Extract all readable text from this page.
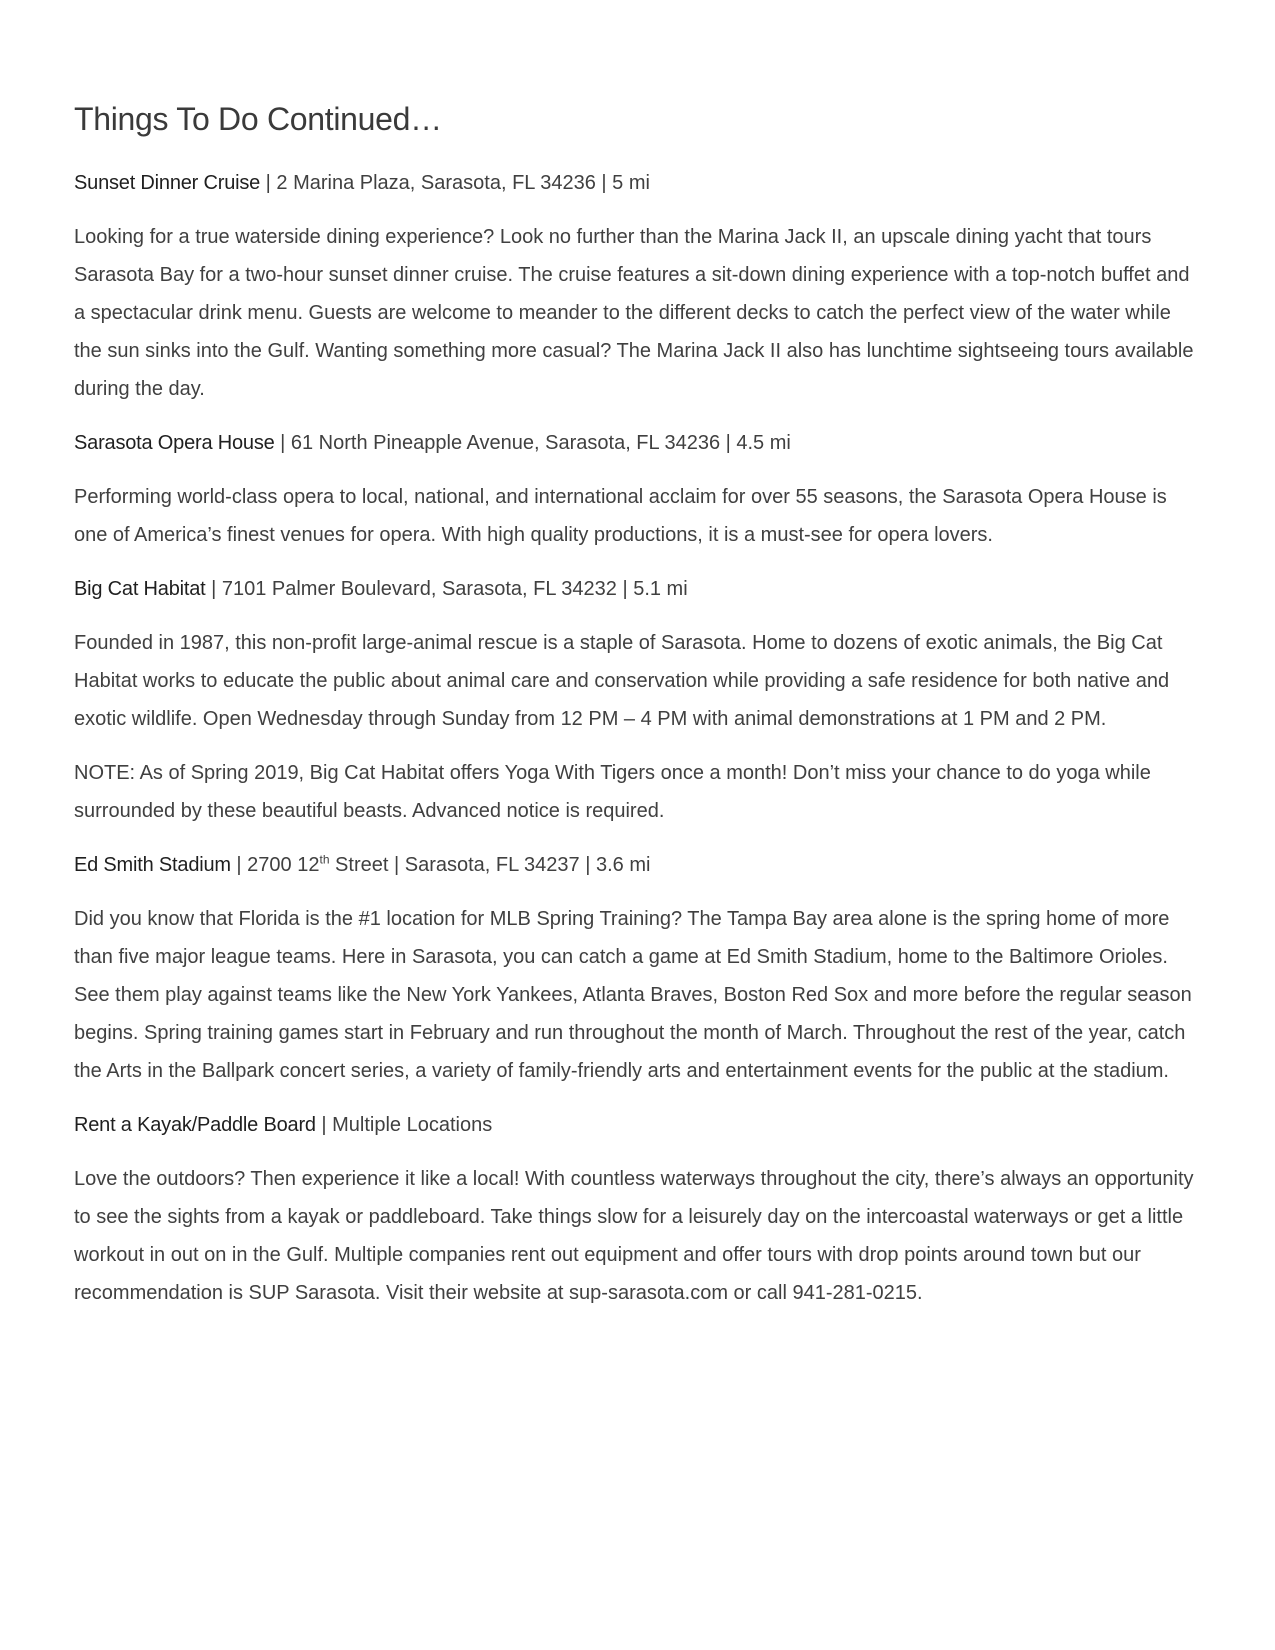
Things To Do Continued…

Sunset Dinner Cruise | 2 Marina Plaza, Sarasota, FL 34236 | 5 mi

Looking for a true waterside dining experience? Look no further than the Marina Jack II, an upscale dining yacht that tours Sarasota Bay for a two-hour sunset dinner cruise. The cruise features a sit-down dining experience with a top-notch buffet and a spectacular drink menu. Guests are welcome to meander to the different decks to catch the perfect view of the water while the sun sinks into the Gulf. Wanting something more casual? The Marina Jack II also has lunchtime sightseeing tours available during the day.

Sarasota Opera House | 61 North Pineapple Avenue, Sarasota, FL 34236 | 4.5 mi

Performing world-class opera to local, national, and international acclaim for over 55 seasons, the Sarasota Opera House is one of America’s finest venues for opera. With high quality productions, it is a must-see for opera lovers.

Big Cat Habitat | 7101 Palmer Boulevard, Sarasota, FL 34232 | 5.1 mi

Founded in 1987, this non-profit large-animal rescue is a staple of Sarasota. Home to dozens of exotic animals, the Big Cat Habitat works to educate the public about animal care and conservation while providing a safe residence for both native and exotic wildlife. Open Wednesday through Sunday from 12 PM – 4 PM with animal demonstrations at 1 PM and 2 PM.

NOTE: As of Spring 2019, Big Cat Habitat offers Yoga With Tigers once a month! Don’t miss your chance to do yoga while surrounded by these beautiful beasts. Advanced notice is required.

Ed Smith Stadium | 2700 12th Street | Sarasota, FL 34237 | 3.6 mi

Did you know that Florida is the #1 location for MLB Spring Training? The Tampa Bay area alone is the spring home of more than five major league teams. Here in Sarasota, you can catch a game at Ed Smith Stadium, home to the Baltimore Orioles. See them play against teams like the New York Yankees, Atlanta Braves, Boston Red Sox and more before the regular season begins. Spring training games start in February and run throughout the month of March. Throughout the rest of the year, catch the Arts in the Ballpark concert series, a variety of family-friendly arts and entertainment events for the public at the stadium.

Rent a Kayak/Paddle Board | Multiple Locations

Love the outdoors? Then experience it like a local! With countless waterways throughout the city, there’s always an opportunity to see the sights from a kayak or paddleboard. Take things slow for a leisurely day on the intercoastal waterways or get a little workout in out on in the Gulf. Multiple companies rent out equipment and offer tours with drop points around town but our recommendation is SUP Sarasota. Visit their website at sup-sarasota.com or call 941-281-0215.
